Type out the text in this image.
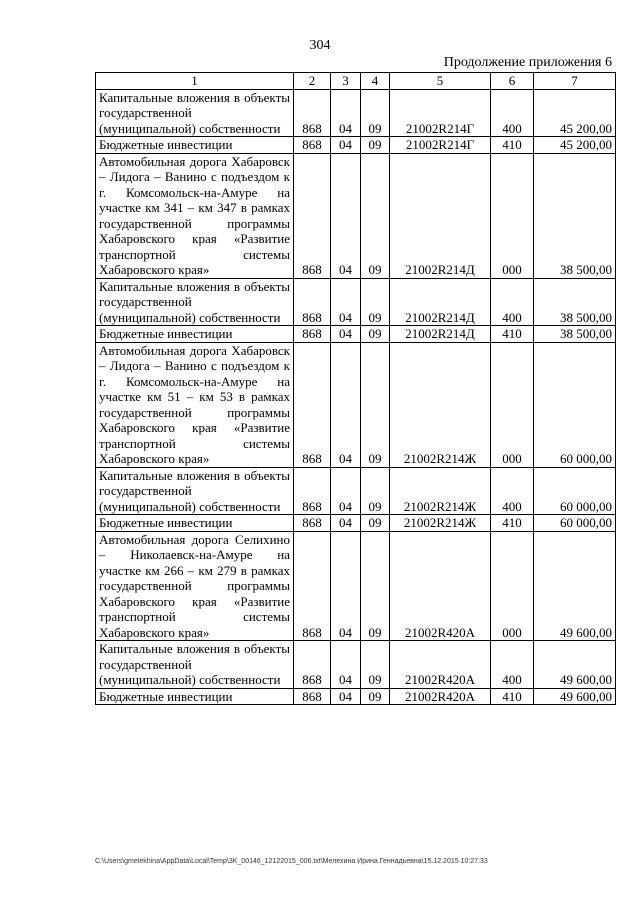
304
Продолжение приложения 6
1	2	3	4	5	6	7
Капитальные вложения в объекты государственной (муниципальной) собственности	868	04	09	21002R214Г	400	45 200,00
Бюджетные инвестиции	868	04	09	21002R214Г	410	45 200,00
Автомобильная дорога Хабаровск – Лидога – Ванино с подъездом к г. Комсомольск-на-Амуре на участке км 341 – км 347 в рамках государственной программы Хабаровского края «Развитие транспортной системы Хабаровского края»	868	04	09	21002R214Д	000	38 500,00
Капитальные вложения в объекты государственной (муниципальной) собственности	868	04	09	21002R214Д	400	38 500,00
Бюджетные инвестиции	868	04	09	21002R214Д	410	38 500,00
Автомобильная дорога Хабаровск – Лидога – Ванино с подъездом к г. Комсомольск-на-Амуре на участке км 51 – км 53 в рамках государственной программы Хабаровского края «Развитие транспортной системы Хабаровского края»	868	04	09	21002R214Ж	000	60 000,00
Капитальные вложения в объекты государственной (муниципальной) собственности	868	04	09	21002R214Ж	400	60 000,00
Бюджетные инвестиции	868	04	09	21002R214Ж	410	60 000,00
Автомобильная дорога Селихино – Николаевск-на-Амуре на участке км 266 – км 279 в рамках государственной программы Хабаровского края «Развитие транспортной системы Хабаровского края»	868	04	09	21002R420А	000	49 600,00
Капитальные вложения в объекты государственной (муниципальной) собственности	868	04	09	21002R420А	400	49 600,00
Бюджетные инвестиции	868	04	09	21002R420А	410	49 600,00
C:\Users\gmelekhina\AppData\Local\Temp\3K_00146_12122015_006.txt\Мелехина Ирина Геннадьевна\15.12.2015 10:27:33
